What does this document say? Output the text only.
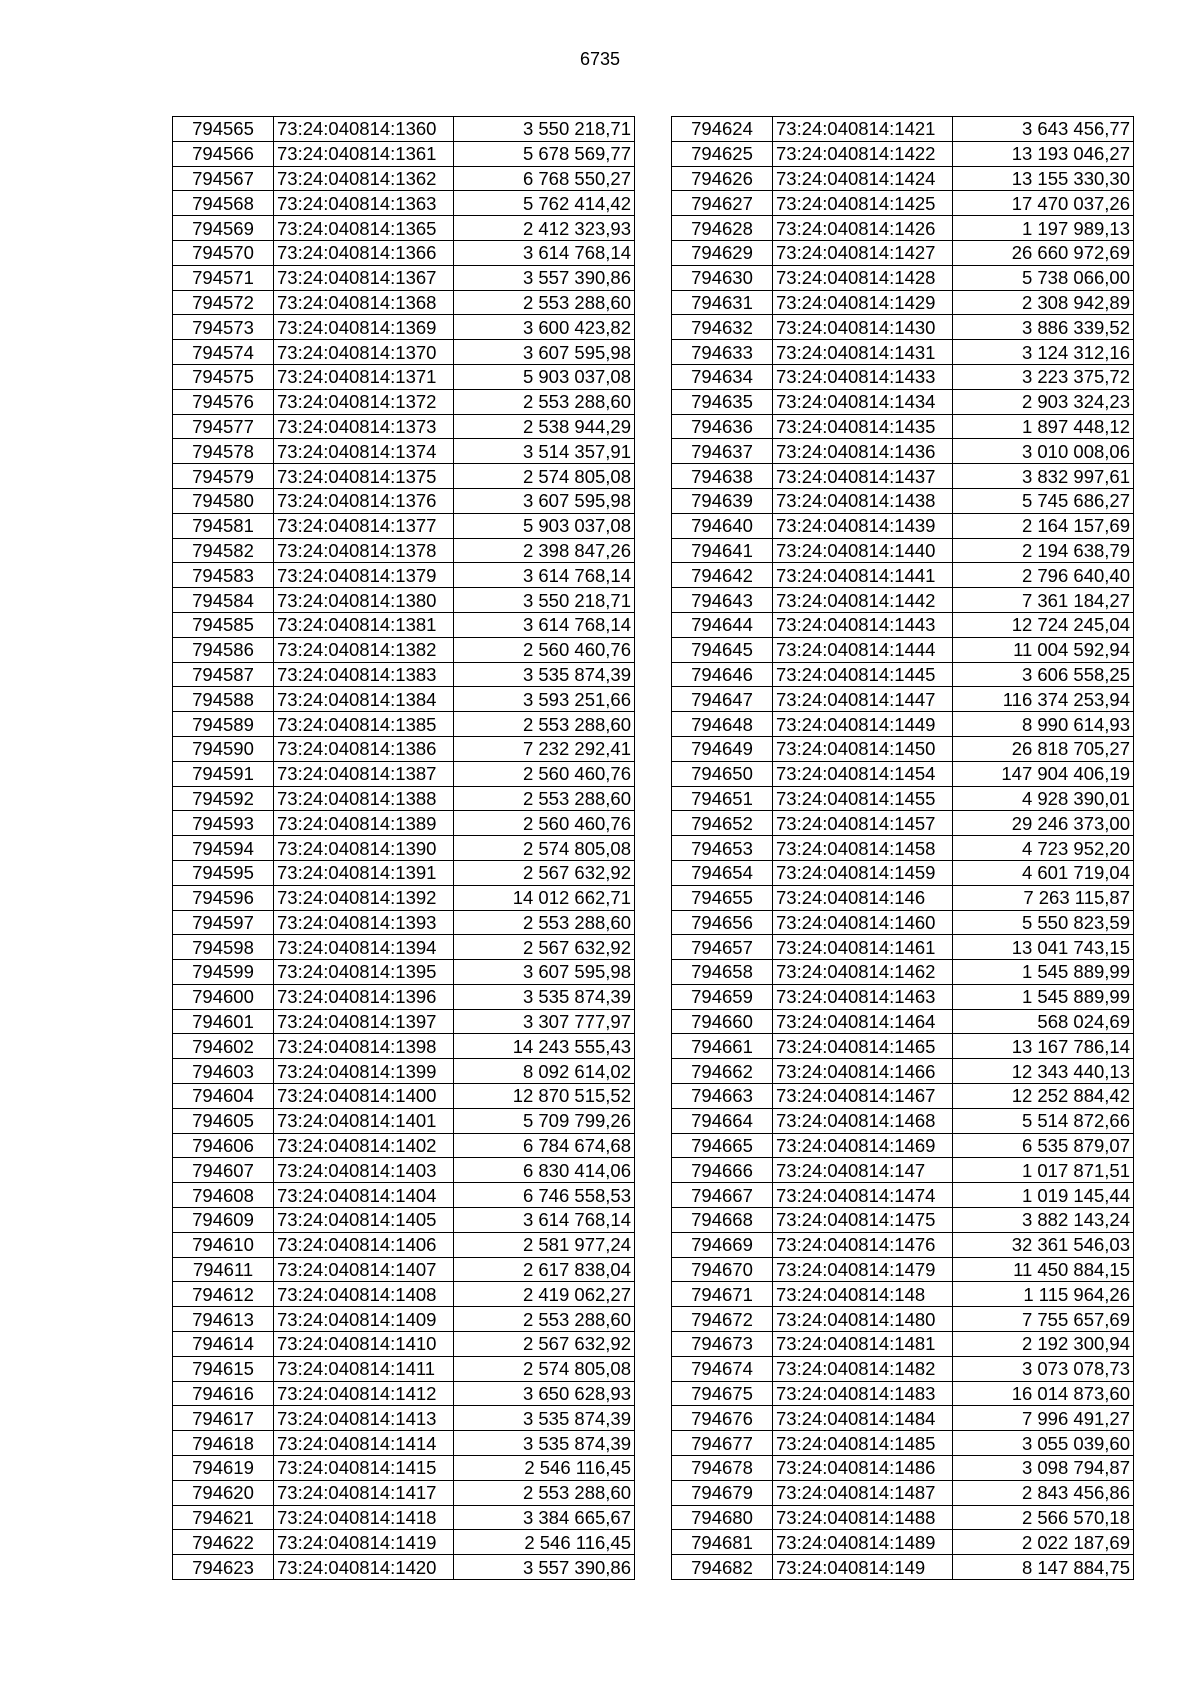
6735
794565	73:24:040814:1360	3 550 218,71
794566	73:24:040814:1361	5 678 569,77
794567	73:24:040814:1362	6 768 550,27
794568	73:24:040814:1363	5 762 414,42
794569	73:24:040814:1365	2 412 323,93
794570	73:24:040814:1366	3 614 768,14
794571	73:24:040814:1367	3 557 390,86
794572	73:24:040814:1368	2 553 288,60
794573	73:24:040814:1369	3 600 423,82
794574	73:24:040814:1370	3 607 595,98
794575	73:24:040814:1371	5 903 037,08
794576	73:24:040814:1372	2 553 288,60
794577	73:24:040814:1373	2 538 944,29
794578	73:24:040814:1374	3 514 357,91
794579	73:24:040814:1375	2 574 805,08
794580	73:24:040814:1376	3 607 595,98
794581	73:24:040814:1377	5 903 037,08
794582	73:24:040814:1378	2 398 847,26
794583	73:24:040814:1379	3 614 768,14
794584	73:24:040814:1380	3 550 218,71
794585	73:24:040814:1381	3 614 768,14
794586	73:24:040814:1382	2 560 460,76
794587	73:24:040814:1383	3 535 874,39
794588	73:24:040814:1384	3 593 251,66
794589	73:24:040814:1385	2 553 288,60
794590	73:24:040814:1386	7 232 292,41
794591	73:24:040814:1387	2 560 460,76
794592	73:24:040814:1388	2 553 288,60
794593	73:24:040814:1389	2 560 460,76
794594	73:24:040814:1390	2 574 805,08
794595	73:24:040814:1391	2 567 632,92
794596	73:24:040814:1392	14 012 662,71
794597	73:24:040814:1393	2 553 288,60
794598	73:24:040814:1394	2 567 632,92
794599	73:24:040814:1395	3 607 595,98
794600	73:24:040814:1396	3 535 874,39
794601	73:24:040814:1397	3 307 777,97
794602	73:24:040814:1398	14 243 555,43
794603	73:24:040814:1399	8 092 614,02
794604	73:24:040814:1400	12 870 515,52
794605	73:24:040814:1401	5 709 799,26
794606	73:24:040814:1402	6 784 674,68
794607	73:24:040814:1403	6 830 414,06
794608	73:24:040814:1404	6 746 558,53
794609	73:24:040814:1405	3 614 768,14
794610	73:24:040814:1406	2 581 977,24
794611	73:24:040814:1407	2 617 838,04
794612	73:24:040814:1408	2 419 062,27
794613	73:24:040814:1409	2 553 288,60
794614	73:24:040814:1410	2 567 632,92
794615	73:24:040814:1411	2 574 805,08
794616	73:24:040814:1412	3 650 628,93
794617	73:24:040814:1413	3 535 874,39
794618	73:24:040814:1414	3 535 874,39
794619	73:24:040814:1415	2 546 116,45
794620	73:24:040814:1417	2 553 288,60
794621	73:24:040814:1418	3 384 665,67
794622	73:24:040814:1419	2 546 116,45
794623	73:24:040814:1420	3 557 390,86
794624	73:24:040814:1421	3 643 456,77
794625	73:24:040814:1422	13 193 046,27
794626	73:24:040814:1424	13 155 330,30
794627	73:24:040814:1425	17 470 037,26
794628	73:24:040814:1426	1 197 989,13
794629	73:24:040814:1427	26 660 972,69
794630	73:24:040814:1428	5 738 066,00
794631	73:24:040814:1429	2 308 942,89
794632	73:24:040814:1430	3 886 339,52
794633	73:24:040814:1431	3 124 312,16
794634	73:24:040814:1433	3 223 375,72
794635	73:24:040814:1434	2 903 324,23
794636	73:24:040814:1435	1 897 448,12
794637	73:24:040814:1436	3 010 008,06
794638	73:24:040814:1437	3 832 997,61
794639	73:24:040814:1438	5 745 686,27
794640	73:24:040814:1439	2 164 157,69
794641	73:24:040814:1440	2 194 638,79
794642	73:24:040814:1441	2 796 640,40
794643	73:24:040814:1442	7 361 184,27
794644	73:24:040814:1443	12 724 245,04
794645	73:24:040814:1444	11 004 592,94
794646	73:24:040814:1445	3 606 558,25
794647	73:24:040814:1447	116 374 253,94
794648	73:24:040814:1449	8 990 614,93
794649	73:24:040814:1450	26 818 705,27
794650	73:24:040814:1454	147 904 406,19
794651	73:24:040814:1455	4 928 390,01
794652	73:24:040814:1457	29 246 373,00
794653	73:24:040814:1458	4 723 952,20
794654	73:24:040814:1459	4 601 719,04
794655	73:24:040814:146	7 263 115,87
794656	73:24:040814:1460	5 550 823,59
794657	73:24:040814:1461	13 041 743,15
794658	73:24:040814:1462	1 545 889,99
794659	73:24:040814:1463	1 545 889,99
794660	73:24:040814:1464	568 024,69
794661	73:24:040814:1465	13 167 786,14
794662	73:24:040814:1466	12 343 440,13
794663	73:24:040814:1467	12 252 884,42
794664	73:24:040814:1468	5 514 872,66
794665	73:24:040814:1469	6 535 879,07
794666	73:24:040814:147	1 017 871,51
794667	73:24:040814:1474	1 019 145,44
794668	73:24:040814:1475	3 882 143,24
794669	73:24:040814:1476	32 361 546,03
794670	73:24:040814:1479	11 450 884,15
794671	73:24:040814:148	1 115 964,26
794672	73:24:040814:1480	7 755 657,69
794673	73:24:040814:1481	2 192 300,94
794674	73:24:040814:1482	3 073 078,73
794675	73:24:040814:1483	16 014 873,60
794676	73:24:040814:1484	7 996 491,27
794677	73:24:040814:1485	3 055 039,60
794678	73:24:040814:1486	3 098 794,87
794679	73:24:040814:1487	2 843 456,86
794680	73:24:040814:1488	2 566 570,18
794681	73:24:040814:1489	2 022 187,69
794682	73:24:040814:149	8 147 884,75
